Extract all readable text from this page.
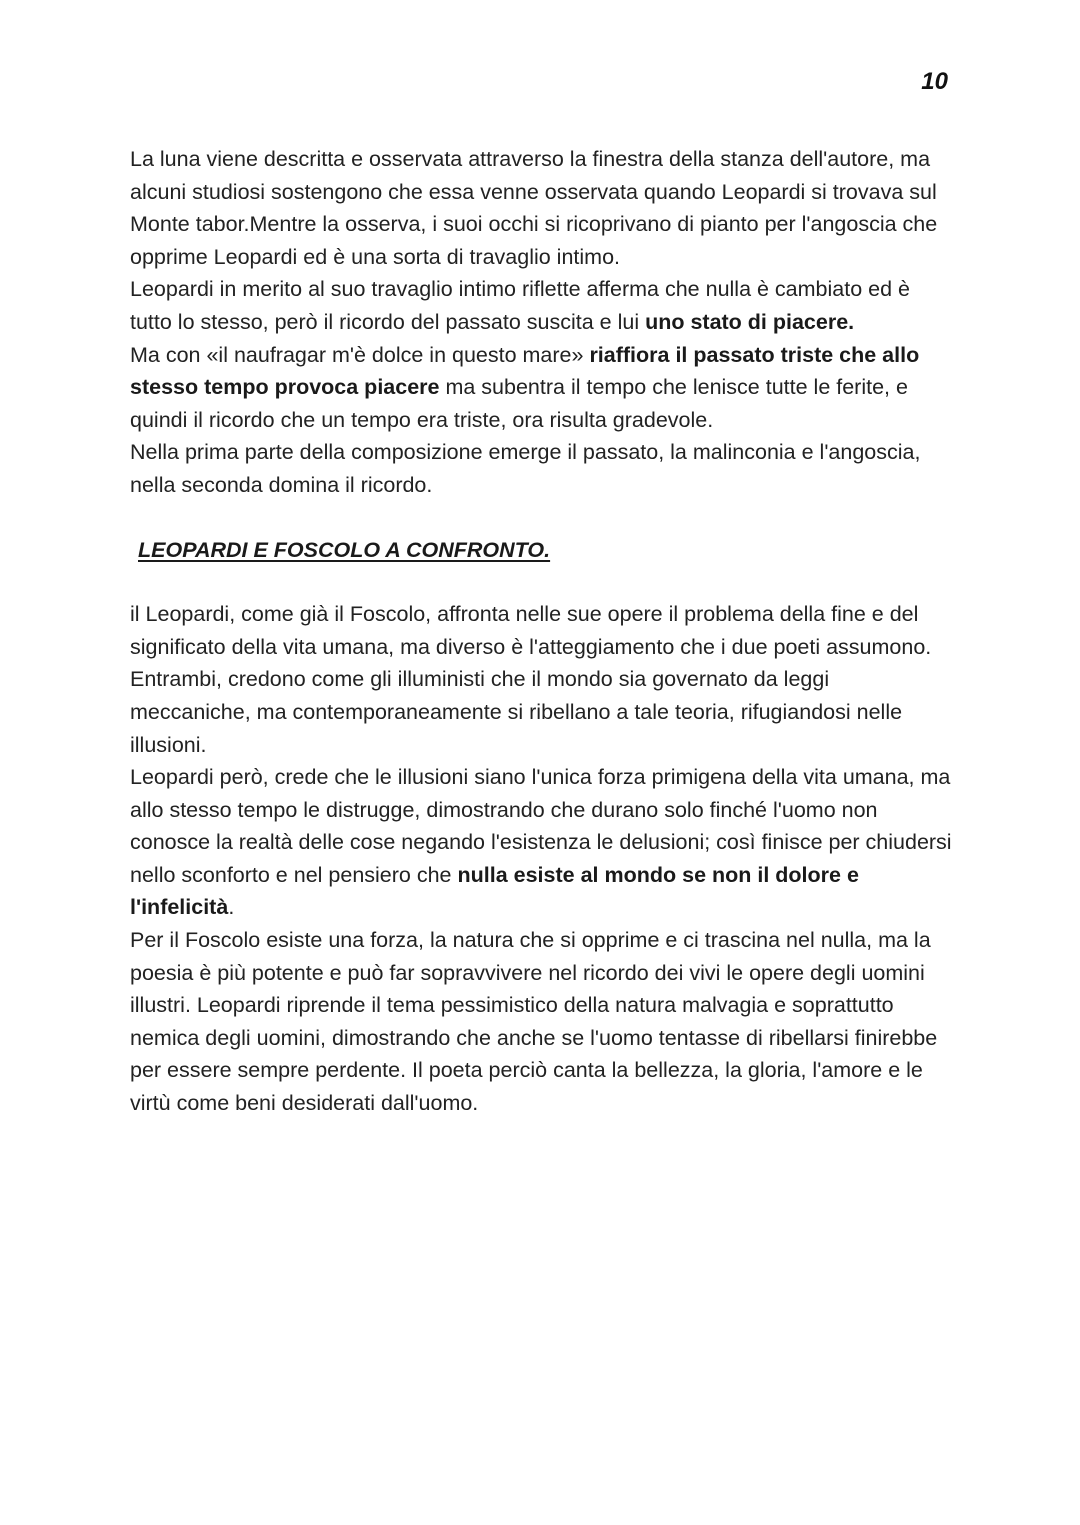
10

La luna viene descritta e osservata attraverso la finestra della stanza dell'autore, ma alcuni studiosi sostengono che essa venne osservata quando Leopardi si trovava sul Monte tabor.Mentre la osserva, i suoi occhi si ricoprivano di pianto per l'angoscia che opprime Leopardi ed è una sorta di travaglio intimo.

Leopardi in merito al suo travaglio intimo riflette afferma che nulla è cambiato ed è tutto lo stesso, però il ricordo del passato suscita e lui uno stato di piacere.

Ma con «il naufragar m'è dolce in questo mare» riaffiora il passato triste che allo stesso tempo provoca piacere ma subentra il tempo che lenisce tutte le ferite, e quindi il ricordo che un tempo era triste, ora risulta gradevole.

Nella prima parte della composizione emerge il passato, la malinconia e l'angoscia, nella seconda domina il ricordo.

LEOPARDI E FOSCOLO A CONFRONTO.

il Leopardi, come già il Foscolo, affronta nelle sue opere il problema della fine e del significato della vita umana, ma diverso è l'atteggiamento che i due poeti assumono.

Entrambi, credono come gli illuministi che il mondo sia governato da leggi meccaniche, ma contemporaneamente si ribellano a tale teoria, rifugiandosi nelle illusioni.

Leopardi però, crede che le illusioni siano l'unica forza primigena della vita umana, ma allo stesso tempo le distrugge, dimostrando che durano solo finché l'uomo non conosce la realtà delle cose negando l'esistenza le delusioni; così finisce per chiudersi nello sconforto e nel pensiero che nulla esiste al mondo se non il dolore e l'infelicità.

Per il Foscolo esiste una forza, la natura che si opprime e ci trascina nel nulla, ma la poesia è più potente e può far sopravvivere nel ricordo dei vivi le opere degli uomini illustri. Leopardi riprende il tema pessimistico della natura malvagia e soprattutto nemica degli uomini, dimostrando che anche se l'uomo tentasse di ribellarsi finirebbe per essere sempre perdente. Il poeta perciò canta la bellezza, la gloria, l'amore e le virtù come beni desiderati dall'uomo.
